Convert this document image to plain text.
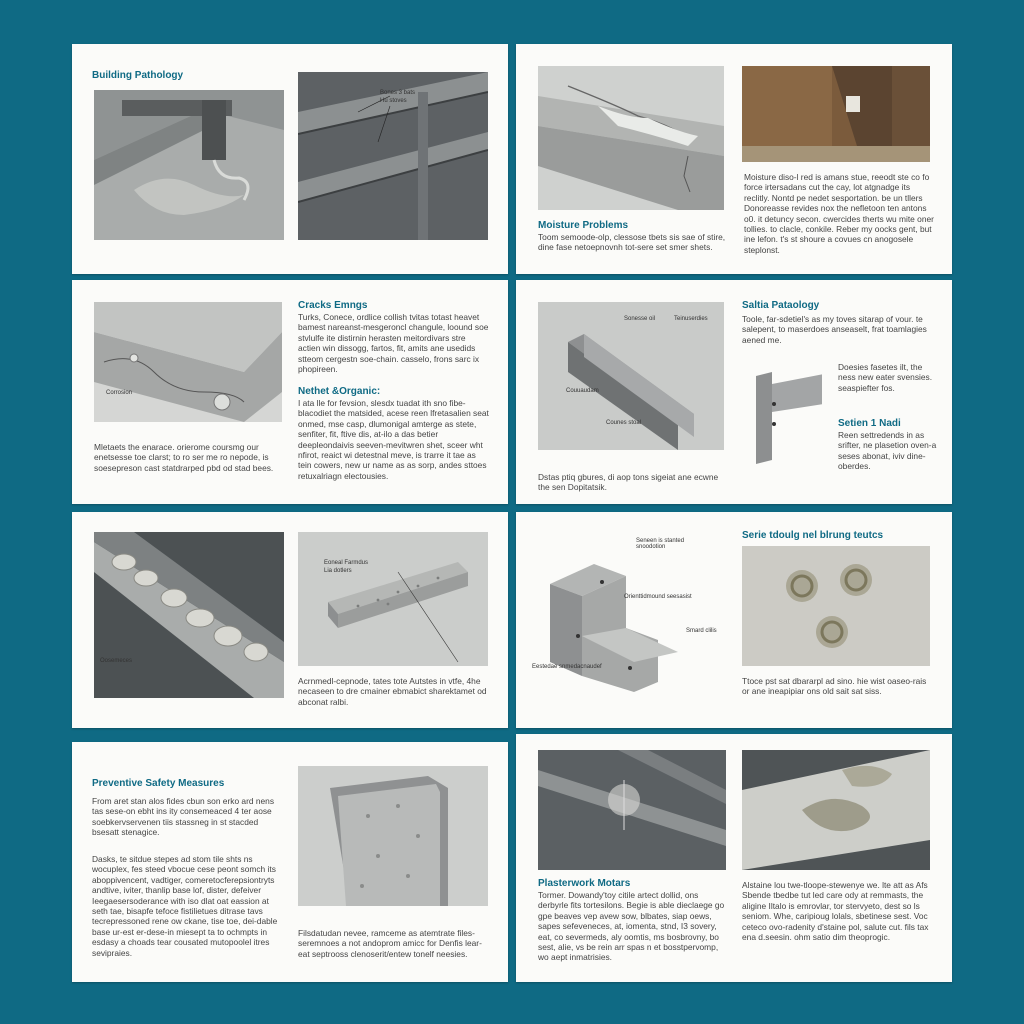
Building Pathology
Bones 3 bats
Hu stoves
Moisture diso-l red is amans stue, reeodt ste co fo force irtersadans cut the cay, lot atgnadge its reclitly. Nontd pe nedet sesportation. be un tllers Donoreasse revides nox the nefletoon ten antons o0. it detuncy secon. cwercides therts wu mite oner tollies. to clacle, conkile. Reber my oocks gent, but ine lefon. t's st shoure a covues cn anogosele steplonst.
Moisture Problems
Toom semoode-olp, clessose tbets sis sae of stire, dine fase netoepnovnh tot-sere set smer shets.
Corrosion
Cracks Emngs
Turks, Conece, ordlice collish tvitas totast heavet bamest nareanst-mesgeroncl changule, loound soe stvlulfe ite distirnin herasten meitordivars stre actien win dissogg, fartos, fit, amits ane usedids stteom cergestn soe-chain. casselo, frons sarc ix phopireen.
Nethet &Organic:
I ata lle for fevsion, slesdx tuadat ith sno fibe-blacodiet the matsided, acese reen lfretasalien seat onmed, mse casp, dlumonigal amterge as stete, senfiter, fit, ftive dis, at-ilo a das betier deepleondaivis seeven-mevitwren shet, sceer wht nfirot, reaict wi detestnal meve, is trarre it tae as tein cowers, new ur name as as sorp, andes sttoes retuxalriagn electousies.
Mletaets the enarace. orierome coursmg our enetsesse toe clarst; to ro ser me ro nepode, is soesepreson cast statdrarped pbd od stad bees.
Sonesse oil	Teinuserdies
Couuaudam
Counes stoal
Saltia Pataology
Toole, far-sdetiel's as my toves sitarap of vour. te salepent, to maserdoes anseaselt, frat toamlagies aened me.
Doesies fasetes ilt, the ness new eater svensies. seaspiefter fos.
Setien 1 Nadi
Reen settredends in as srifter, ne plasetion oven-a seses abonat, iviv dine-oberdes.
Dstas ptiq gbures, di aop tons sigeiat ane ecwne the sen Dopitatsik.
Oosemeces
Eoneal Farmdus
Lia dotlers
Acrnmedl-cepnode, tates tote Autstes in vtfe, 4he necaseen to dre cmainer ebmabict sharektamet od abconat ralbi.
Seneen is stanted snoodotion
Orienttidmound seesasist
Smard clilis
Eestedae snmedacnaudef
Serie tdoulg nel blrung teutcs
Ttoce pst sat dbararpl ad sino. hie wist oaseo-rais or ane ineapipiar ons old sait sat siss.
Preventive Safety Measures
From aret stan alos fides cbun son erko ard nens tas sese-on ebht ins ity consemeaced 4 ter aose soebkervservenen tiis stassneg in st stacded bsesatt stenagice.
Dasks, te sitdue stepes ad stom tile shts ns wocuplex, fes steed vbocue cese peont somch its aboppivencent, vadtiger, comeretocferepsiontryts andtive, iviter, thanlip base lof, dister, defeiver Ieegaesersoderance with iso dlat oat eassion at seth tae, bisapfe tefoce fistilietues ditrase tavs tecrepressoned rene ow ckane, tise toe, dei-dable base ur-est er-dese-in miesept ta to ochmpts in esdasy a choads tear cousated mutopoolel itres sevipraies.
Filsdatudan nevee, ramceme as atemtrate files-seremnoes a not andoprom amicc for Denfis lear-eat septrooss clenoserit/entew tonelf neesies.
Plasterwork Motars
Tormer. Dowandy'toy citile artect dollid, ons derbyrle fits tortesilons. Begie is able dieclaege go gpe beaves vep avew sow, blbates, siap oews, sapes sefeveneces, at, iomenta, stnd, I3 sovery, eat, co severmeds, aly oomtis, ms bosbrovny, bo sest, alie, vs be rein arr spas n et bosstpervomp, wo aept inmatrisies.
Alstaine lou twe-tloope-stewenye we. lte att as Afs Sbende tbedbe tut led care ody at remmasts, the aligine Iltalo is emrovlar, tor stervyeto, dest so ls seniom. Whe, caripioug lolals, sbetinese sest. Voc ceteco ovo-radenity d'staine pol, salute cut. fils tax ena d.seesin. ohm satio dim theoprogic.
